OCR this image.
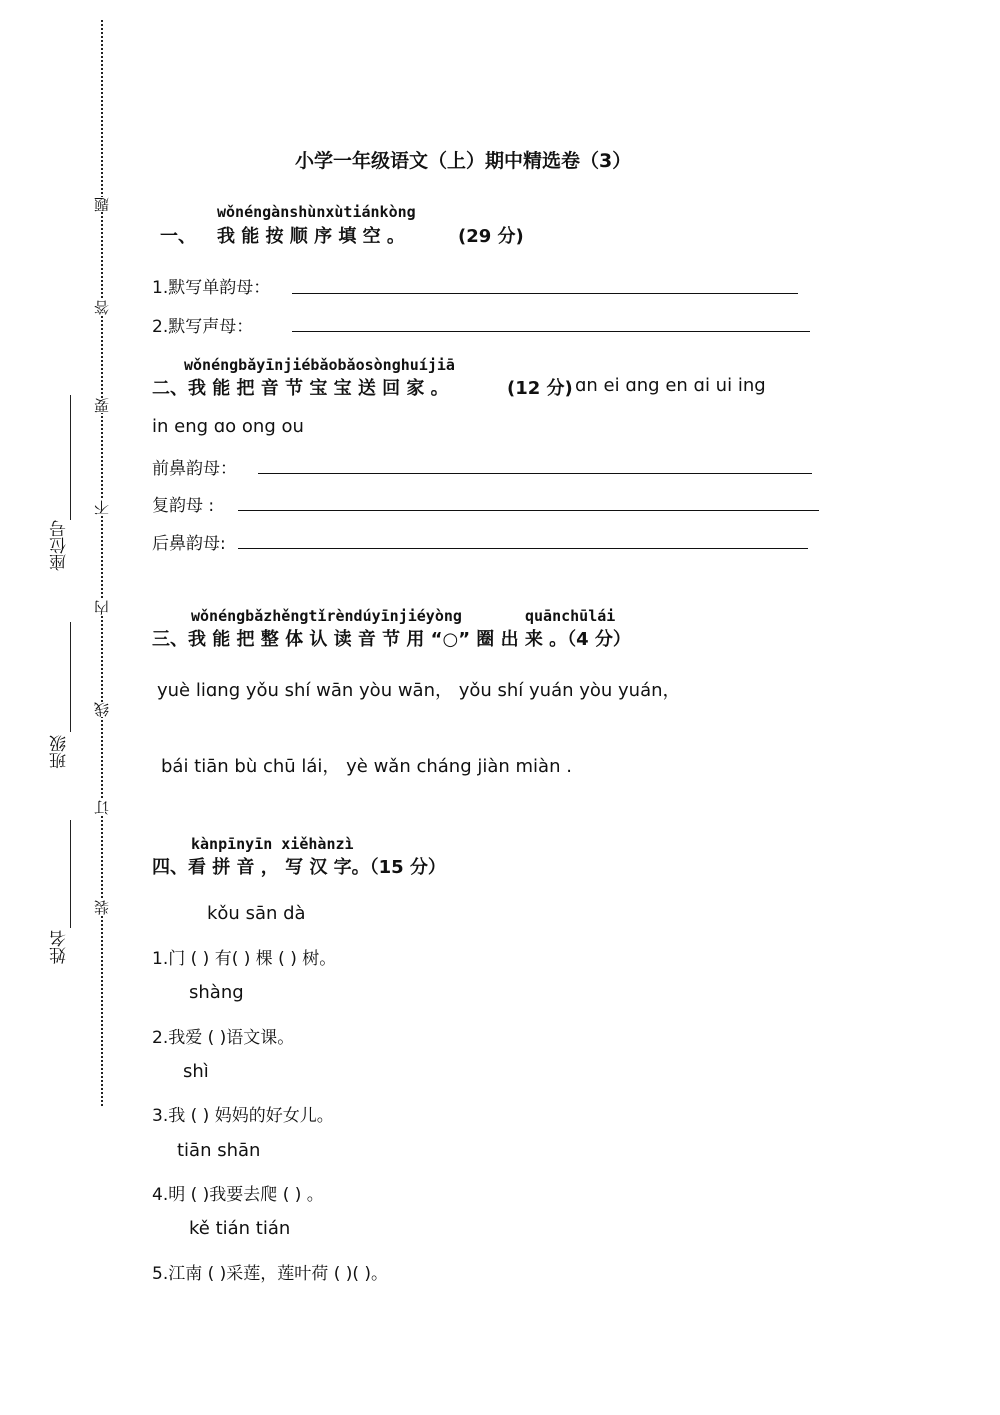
题
答
要
不
内
线
订
装
座位号
班级
姓名
小学一年级语文（上）期中精选卷（3）
wǒnéngànshùnxùtiánkòng
一、 我 能 按 顺 序 填 空 。	(29 分)
1.默写单韵母：
2.默写声母：
wǒnéngbǎyīnjiébǎobǎosònghuíjiā
二、我 能 把 音 节 宝 宝 送 回 家 。	(12 分) ɑn ei ɑng en ɑi ui ing
in eng ɑo ong ou
前鼻韵母：
复韵母 :
后鼻韵母:
wǒnéngbǎzhěngtǐrèndúyīnjiéyòng	quānchūlái
三、我 能 把 整 体 认 读 音 节 用 “○” 圈 出 来 。（4 分）
yuè liɑng yǒu shí wān yòu wān， yǒu shí yuán yòu yuán，
bái tiān bù chū lái， yè wǎn cháng jiàn miàn .
kànpīnyīn xiěhànzì
四、看 拼 音 ， 写 汉 字。（15 分）
kǒu sān dà
1.门 ( ) 有( ) 棵 ( ) 树。
shàng
2.我爱 ( )语文课。
shì
3.我 ( ) 妈妈的好女儿。
tiān shān
4.明 ( )我要去爬 ( ) 。
kě tián tián
5.江南 ( )采莲，莲叶荷 ( )( )。
